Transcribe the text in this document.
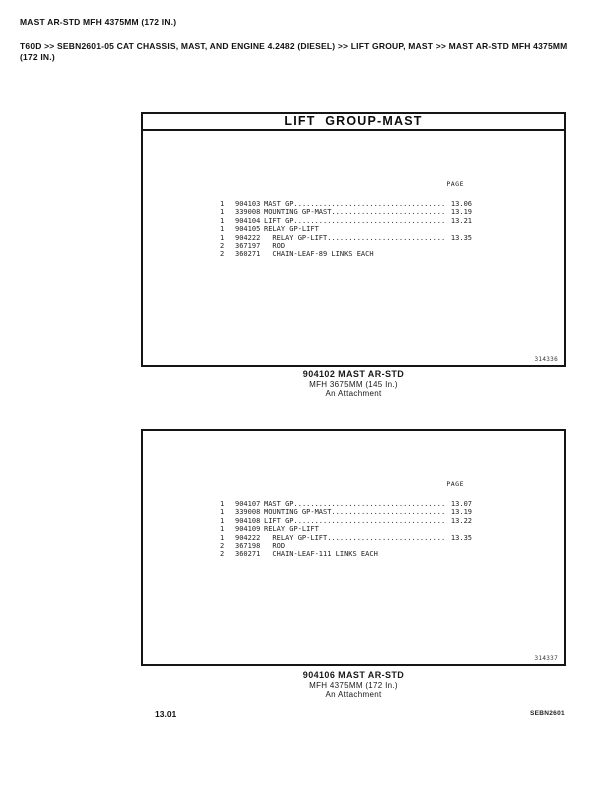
MAST AR-STD MFH 4375MM (172 IN.)
T60D >> SEBN2601-05 CAT CHASSIS, MAST, AND ENGINE 4.2482 (DIESEL) >> LIFT GROUP, MAST >> MAST AR-STD MFH 4375MM (172 IN.)
LIFT GROUP-MAST
PAGE
1	904103 MAST GP .....	13.06
1	339008 MOUNTING GP-MAST .....	13.19
1	904104 LIFT GP .....	13.21
1	904105 RELAY GP-LIFT
1	904222 RELAY GP-LIFT .....	13.35
2	367197 ROD
2	360271 CHAIN-LEAF-89 LINKS EACH
314336
904102 MAST AR-STD
MFH 3675MM (145 In.)
An Attachment
PAGE
1	904107 MAST GP .....	13.07
1	339008 MOUNTING GP-MAST .....	13.19
1	904108 LIFT GP .....	13.22
1	904109 RELAY GP-LIFT
1	904222 RELAY GP-LIFT .....	13.35
2	367198 ROD
2	360271 CHAIN-LEAF-111 LINKS EACH
314337
904106 MAST AR-STD
MFH 4375MM (172 In.)
An Attachment
13.01	SEBN2601
